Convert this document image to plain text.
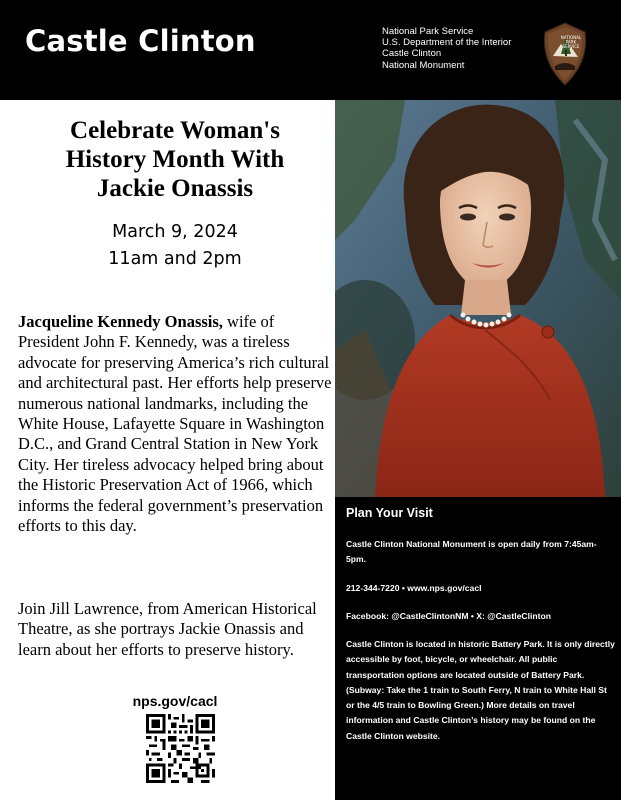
Castle Clinton	National Park Service
U.S. Department of the Interior
Castle Clinton
National Monument
NATIONAL
PARK
SERVICE
Celebrate Woman's
History Month With
Jackie Onassis
March 9, 2024
11am and 2pm
Jacqueline Kennedy Onassis, wife of President John F. Kennedy, was a tireless advocate for preserving America’s rich cultural and architectural past. Her efforts help preserve numerous national landmarks, including the White House, Lafayette Square in Washington D.C., and Grand Central Station in New York City. Her tireless advocacy helped bring about the Historic Preservation Act of 1966, which informs the federal government’s preservation efforts to this day.
Join Jill Lawrence, from American Historical Theatre, as she portrays Jackie Onassis and learn about her efforts to preserve history.
nps.gov/cacl
Plan Your Visit
Castle Clinton National Monument is open daily from 7:45am-5pm.
212-344-7220 • www.nps.gov/cacl
Facebook: @CastleClintonNM • X: @CastleClinton
Castle Clinton is located in historic Battery Park. It is only directly accessible by foot, bicycle, or wheelchair. All public transportation options are located outside of Battery Park. (Subway: Take the 1 train to South Ferry, N train to White Hall St or the 4/5 train to Bowling Green.) More details on travel information and Castle Clinton’s history may be found on the Castle Clinton website.
